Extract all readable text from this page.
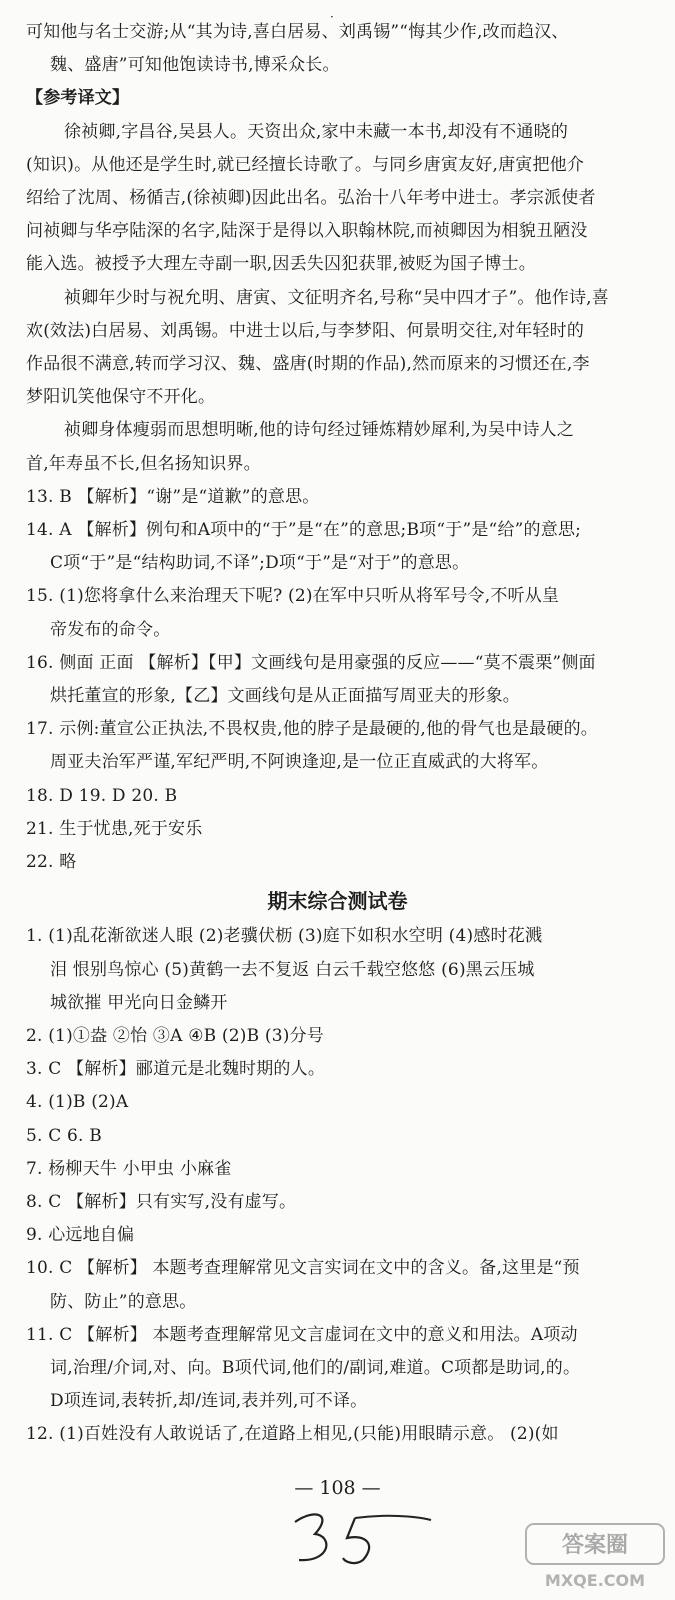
·
可知他与名士交游;从“其为诗,喜白居易、刘禹锡”“悔其少作,改而趋汉、
魏、盛唐”可知他饱读诗书,博采众长。
【参考译文】
徐祯卿,字昌谷,吴县人。天资出众,家中未藏一本书,却没有不通晓的
(知识)。从他还是学生时,就已经擅长诗歌了。与同乡唐寅友好,唐寅把他介
绍给了沈周、杨循吉,(徐祯卿)因此出名。弘治十八年考中进士。孝宗派使者
问祯卿与华亭陆深的名字,陆深于是得以入职翰林院,而祯卿因为相貌丑陋没
能入选。被授予大理左寺副一职,因丢失囚犯获罪,被贬为国子博士。
祯卿年少时与祝允明、唐寅、文征明齐名,号称“吴中四才子”。他作诗,喜
欢(效法)白居易、刘禹锡。中进士以后,与李梦阳、何景明交往,对年轻时的
作品很不满意,转而学习汉、魏、盛唐(时期的作品),然而原来的习惯还在,李
梦阳讥笑他保守不开化。
祯卿身体瘦弱而思想明晰,他的诗句经过锤炼精妙犀利,为吴中诗人之
首,年寿虽不长,但名扬知识界。
13. B 【解析】“谢”是“道歉”的意思。
14. A 【解析】例句和A项中的“于”是“在”的意思;B项“于”是“给”的意思;
C项“于”是“结构助词,不译”;D项“于”是“对于”的意思。
15. (1)您将拿什么来治理天下呢? (2)在军中只听从将军号令,不听从皇
帝发布的命令。
16. 侧面 正面 【解析】【甲】文画线句是用豪强的反应——“莫不震栗”侧面
烘托董宣的形象,【乙】文画线句是从正面描写周亚夫的形象。
17. 示例:董宣公正执法,不畏权贵,他的脖子是最硬的,他的骨气也是最硬的。
周亚夫治军严谨,军纪严明,不阿谀逢迎,是一位正直威武的大将军。
18. D 19. D 20. B
21. 生于忧患,死于安乐
22. 略
期末综合测试卷
1. (1)乱花渐欲迷人眼 (2)老骥伏枥 (3)庭下如积水空明 (4)感时花溅
泪 恨别鸟惊心 (5)黄鹤一去不复返 白云千载空悠悠 (6)黑云压城
城欲摧 甲光向日金鳞开
2. (1)①盎 ②怡 ③A ④B (2)B (3)分号
3. C 【解析】郦道元是北魏时期的人。
4. (1)B (2)A
5. C 6. B
7. 杨柳天牛 小甲虫 小麻雀
8. C 【解析】只有实写,没有虚写。
9. 心远地自偏
10. C 【解析】 本题考查理解常见文言实词在文中的含义。备,这里是“预
防、防止”的意思。
11. C 【解析】 本题考查理解常见文言虚词在文中的意义和用法。A项动
词,治理/介词,对、向。B项代词,他们的/副词,难道。C项都是助词,的。
D项连词,表转折,却/连词,表并列,可不译。
12. (1)百姓没有人敢说话了,在道路上相见,(只能)用眼睛示意。 (2)(如
— 108 —
答案圈
MXQE.COM
